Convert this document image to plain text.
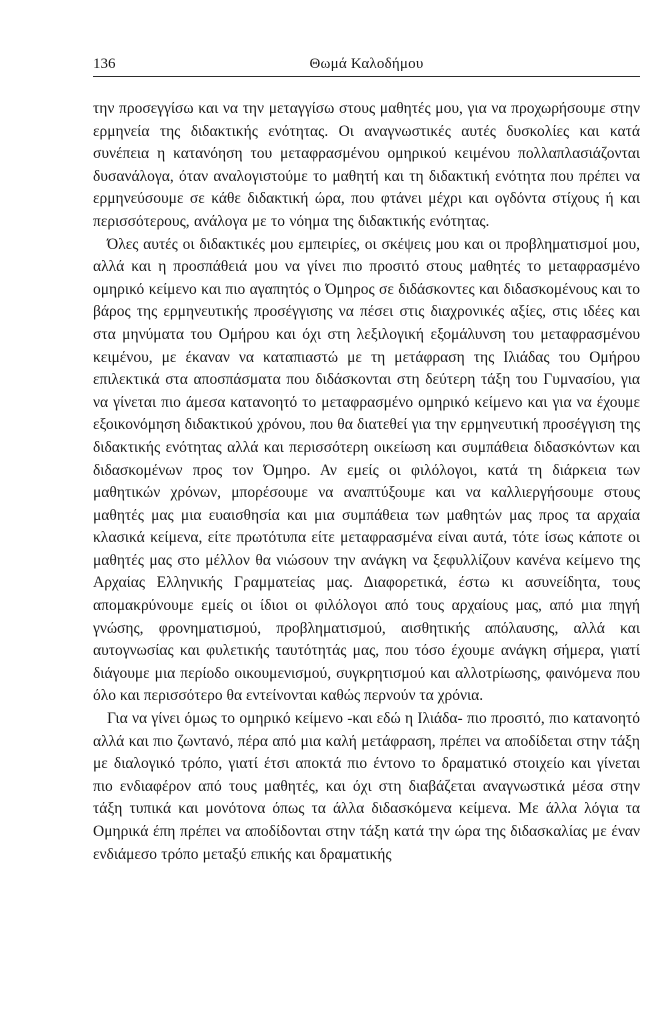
136	Θωμά Καλοδήμου

την προσεγγίσω και να την μεταγγίσω στους μαθητές μου, για να προχωρήσουμε στην ερμηνεία της διδακτικής ενότητας. Οι αναγνωστικές αυτές δυσκολίες και κατά συνέπεια η κατανόηση του μεταφρασμένου ομηρικού κειμένου πολλαπλασιάζονται δυσανάλογα, όταν αναλογιστούμε το μαθητή και τη διδακτική ενότητα που πρέπει να ερμηνεύσουμε σε κάθε διδακτική ώρα, που φτάνει μέχρι και ογδόντα στίχους ή και περισσότερους, ανάλογα με το νόημα της διδακτικής ενότητας.

Όλες αυτές οι διδακτικές μου εμπειρίες, οι σκέψεις μου και οι προβληματισμοί μου, αλλά και η προσπάθειά μου να γίνει πιο προσιτό στους μαθητές το μεταφρασμένο ομηρικό κείμενο και πιο αγαπητός ο Όμηρος σε διδάσκοντες και διδασκομένους και το βάρος της ερμηνευτικής προσέγγισης να πέσει στις διαχρονικές αξίες, στις ιδέες και στα μηνύματα του Ομήρου και όχι στη λεξιλογική εξομάλυνση του μεταφρασμένου κειμένου, με έκαναν να καταπιαστώ με τη μετάφραση της Ιλιάδας του Ομήρου επιλεκτικά στα αποσπάσματα που διδάσκονται στη δεύτερη τάξη του Γυμνασίου, για να γίνεται πιο άμεσα κατανοητό το μεταφρασμένο ομηρικό κείμενο και για να έχουμε εξοικονόμηση διδακτικού χρόνου, που θα διατεθεί για την ερμηνευτική προσέγγιση της διδακτικής ενότητας αλλά και περισσότερη οικείωση και συμπάθεια διδασκόντων και διδασκομένων προς τον Όμηρο. Αν εμείς οι φιλόλογοι, κατά τη διάρκεια των μαθητικών χρόνων, μπορέσουμε να αναπτύξουμε και να καλλιεργήσουμε στους μαθητές μας μια ευαισθησία και μια συμπάθεια των μαθητών μας προς τα αρχαία κλασικά κείμενα, είτε πρωτότυπα είτε μεταφρασμένα είναι αυτά, τότε ίσως κάποτε οι μαθητές μας στο μέλλον θα νιώσουν την ανάγκη να ξεφυλλίζουν κανένα κείμενο της Αρχαίας Ελληνικής Γραμματείας μας. Διαφορετικά, έστω κι ασυνείδητα, τους απομακρύνουμε εμείς οι ίδιοι οι φιλόλογοι από τους αρχαίους μας, από μια πηγή γνώσης, φρονηματισμού, προβληματισμού, αισθητικής απόλαυσης, αλλά και αυτογνωσίας και φυλετικής ταυτότητάς μας, που τόσο έχουμε ανάγκη σήμερα, γιατί διάγουμε μια περίοδο οικουμενισμού, συγκρητισμού και αλλοτρίωσης, φαινόμενα που όλο και περισσότερο θα εντείνονται καθώς περνούν τα χρόνια.

Για να γίνει όμως το ομηρικό κείμενο -και εδώ η Ιλιάδα- πιο προσιτό, πιο κατανοητό αλλά και πιο ζωντανό, πέρα από μια καλή μετάφραση, πρέπει να αποδίδεται στην τάξη με διαλογικό τρόπο, γιατί έτσι αποκτά πιο έντονο το δραματικό στοιχείο και γίνεται πιο ενδιαφέρον από τους μαθητές, και όχι στη διαβάζεται αναγνωστικά μέσα στην τάξη τυπικά και μονότονα όπως τα άλλα διδασκόμενα κείμενα. Με άλλα λόγια τα Ομηρικά έπη πρέπει να αποδίδονται στην τάξη κατά την ώρα της διδασκαλίας με έναν ενδιάμεσο τρόπο μεταξύ επικής και δραματικής
